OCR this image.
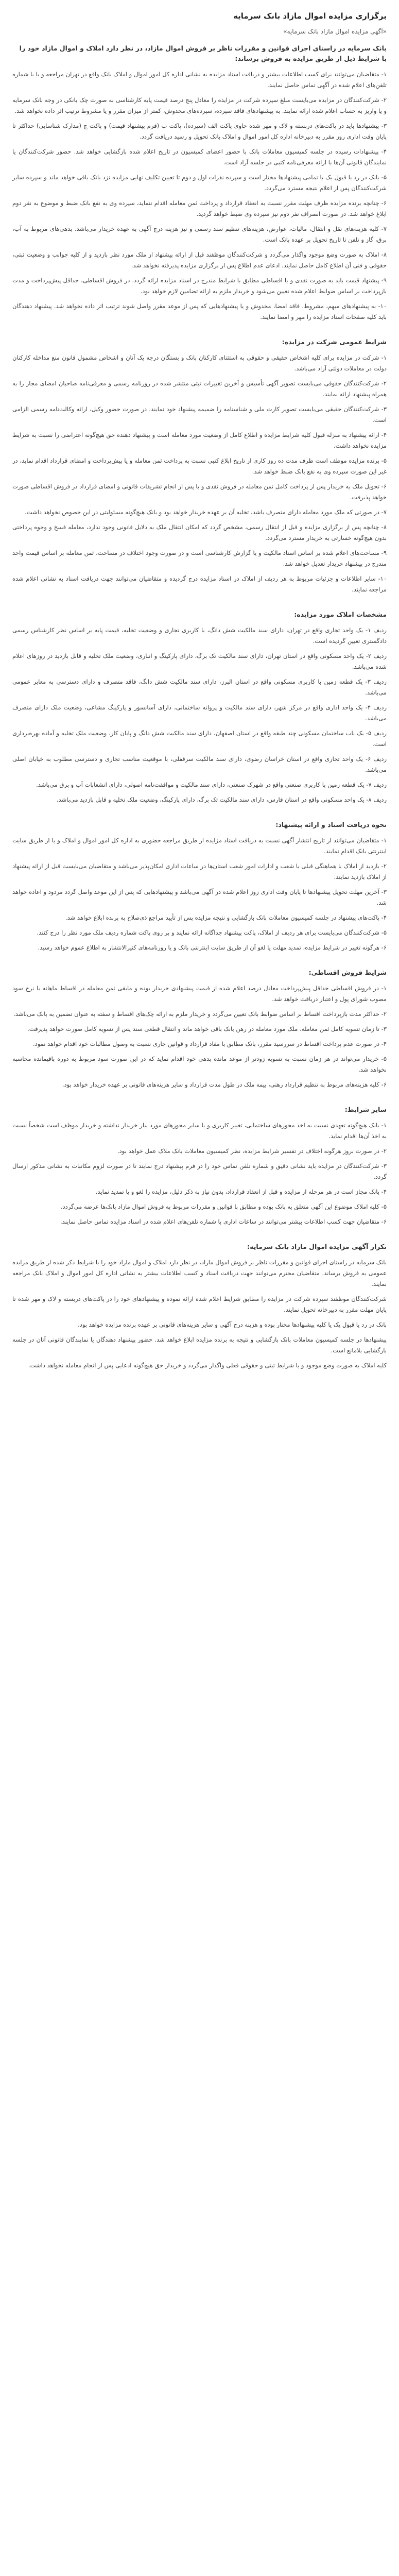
برگزاری مزایده اموال مازاد بانک سرمایه
«آگهی مزایده اموال مازاد بانک سرمایه»
بانک سرمایه در راستای اجرای قوانین و مقررات ناظر بر فروش اموال مازاد، در نظر دارد املاک و اموال مازاد خود را با شرایط ذیل از طریق مزایده به فروش برساند:

۱- متقاضیان می‌توانند برای کسب اطلاعات بیشتر و دریافت اسناد مزایده به نشانی اداره کل امور اموال و املاک بانک واقع در تهران مراجعه و یا با شماره تلفن‌های اعلام شده در آگهی تماس حاصل نمایند.

۲- شرکت‌کنندگان در مزایده می‌بایست مبلغ سپرده شرکت در مزایده را معادل پنج درصد قیمت پایه کارشناسی به صورت چک بانکی در وجه بانک سرمایه و یا واریز به حساب اعلام شده ارائه نمایند. به پیشنهادهای فاقد سپرده، سپرده‌های مخدوش، کمتر از میزان مقرر و یا مشروط ترتیب اثر داده نخواهد شد.

۳- پیشنهادها باید در پاکت‌های دربسته و لاک و مهر شده حاوی پاکت الف (سپرده)، پاکت ب (فرم پیشنهاد قیمت) و پاکت ج (مدارک شناسایی) حداکثر تا پایان وقت اداری روز مقرر به دبیرخانه اداره کل امور اموال و املاک بانک تحویل و رسید دریافت گردد.

۴- پیشنهادات رسیده در جلسه کمیسیون معاملات بانک با حضور اعضای کمیسیون در تاریخ اعلام شده بازگشایی خواهد شد. حضور شرکت‌کنندگان یا نمایندگان قانونی آن‌ها با ارائه معرفی‌نامه کتبی در جلسه آزاد است.

۵- بانک در رد یا قبول یک یا تمامی پیشنهادها مختار است و سپرده نفرات اول و دوم تا تعیین تکلیف نهایی مزایده نزد بانک باقی خواهد ماند و سپرده سایر شرکت‌کنندگان پس از اعلام نتیجه مسترد می‌گردد.

۶- چنانچه برنده مزایده ظرف مهلت مقرر نسبت به انعقاد قرارداد و پرداخت ثمن معامله اقدام ننماید، سپرده وی به نفع بانک ضبط و موضوع به نفر دوم ابلاغ خواهد شد. در صورت انصراف نفر دوم نیز سپرده وی ضبط خواهد گردید.

۷- کلیه هزینه‌های نقل و انتقال، مالیات، عوارض، هزینه‌های تنظیم سند رسمی و نیز هزینه درج آگهی به عهده خریدار می‌باشد. بدهی‌های مربوط به آب، برق، گاز و تلفن تا تاریخ تحویل بر عهده بانک است.

۸- املاک به صورت وضع موجود واگذار می‌گردد و شرکت‌کنندگان موظفند قبل از ارائه پیشنهاد از ملک مورد نظر بازدید و از کلیه جوانب و وضعیت ثبتی، حقوقی و فنی آن اطلاع کامل حاصل نمایند. ادعای عدم اطلاع پس از برگزاری مزایده پذیرفته نخواهد شد.

۹- پیشنهاد قیمت باید به صورت نقدی و یا اقساطی مطابق با شرایط مندرج در اسناد مزایده ارائه گردد. در فروش اقساطی، حداقل پیش‌پرداخت و مدت بازپرداخت بر اساس ضوابط اعلام شده تعیین می‌شود و خریدار ملزم به ارائه تضامین لازم خواهد بود.

۱۰- به پیشنهادهای مبهم، مشروط، فاقد امضا، مخدوش و یا پیشنهادهایی که پس از موعد مقرر واصل شوند ترتیب اثر داده نخواهد شد. پیشنهاد دهندگان باید کلیه صفحات اسناد مزایده را مهر و امضا نمایند.

شرایط عمومی شرکت در مزایده:

۱- شرکت در مزایده برای کلیه اشخاص حقیقی و حقوقی به استثنای کارکنان بانک و بستگان درجه یک آنان و اشخاص مشمول قانون منع مداخله کارکنان دولت در معاملات دولتی آزاد می‌باشد.

۲- شرکت‌کنندگان حقوقی می‌بایست تصویر آگهی تأسیس و آخرین تغییرات ثبتی منتشر شده در روزنامه رسمی و معرفی‌نامه صاحبان امضای مجاز را به همراه پیشنهاد ارائه نمایند.

۳- شرکت‌کنندگان حقیقی می‌بایست تصویر کارت ملی و شناسنامه را ضمیمه پیشنهاد خود نمایند. در صورت حضور وکیل، ارائه وکالت‌نامه رسمی الزامی است.

۴- ارائه پیشنهاد به منزله قبول کلیه شرایط مزایده و اطلاع کامل از وضعیت مورد معامله است و پیشنهاد دهنده حق هیچ‌گونه اعتراضی را نسبت به شرایط مزایده نخواهد داشت.

۵- برنده مزایده موظف است ظرف مدت ده روز کاری از تاریخ ابلاغ کتبی نسبت به پرداخت ثمن معامله و یا پیش‌پرداخت و امضای قرارداد اقدام نماید، در غیر این صورت سپرده وی به نفع بانک ضبط خواهد شد.

۶- تحویل ملک به خریدار پس از پرداخت کامل ثمن معامله در فروش نقدی و یا پس از انجام تشریفات قانونی و امضای قرارداد در فروش اقساطی صورت خواهد پذیرفت.

۷- در صورتی که ملک مورد معامله دارای متصرف باشد، تخلیه آن بر عهده خریدار خواهد بود و بانک هیچ‌گونه مسئولیتی در این خصوص نخواهد داشت.

۸- چنانچه پس از برگزاری مزایده و قبل از انتقال رسمی، مشخص گردد که امکان انتقال ملک به دلایل قانونی وجود ندارد، معامله فسخ و وجوه پرداختی بدون هیچ‌گونه خسارتی به خریدار مسترد می‌گردد.

۹- مساحت‌های اعلام شده بر اساس اسناد مالکیت و یا گزارش کارشناسی است و در صورت وجود اختلاف در مساحت، ثمن معامله بر اساس قیمت واحد مندرج در پیشنهاد خریدار تعدیل خواهد شد.

۱۰- سایر اطلاعات و جزئیات مربوط به هر ردیف از املاک در اسناد مزایده درج گردیده و متقاضیان می‌توانند جهت دریافت اسناد به نشانی اعلام شده مراجعه نمایند.

مشخصات املاک مورد مزایده:

ردیف ۱- یک واحد تجاری واقع در تهران، دارای سند مالکیت شش دانگ، با کاربری تجاری و وضعیت تخلیه، قیمت پایه بر اساس نظر کارشناس رسمی دادگستری تعیین گردیده است.

ردیف ۲- یک واحد مسکونی واقع در استان تهران، دارای سند مالکیت تک برگ، دارای پارکینگ و انباری، وضعیت ملک تخلیه و قابل بازدید در روزهای اعلام شده می‌باشد.

ردیف ۳- یک قطعه زمین با کاربری مسکونی واقع در استان البرز، دارای سند مالکیت شش دانگ، فاقد متصرف و دارای دسترسی به معابر عمومی می‌باشد.

ردیف ۴- یک واحد اداری واقع در مرکز شهر، دارای سند مالکیت و پروانه ساختمانی، دارای آسانسور و پارکینگ مشاعی، وضعیت ملک دارای متصرف می‌باشد.

ردیف ۵- یک باب ساختمان مسکونی چند طبقه واقع در استان اصفهان، دارای سند مالکیت شش دانگ و پایان کار، وضعیت ملک تخلیه و آماده بهره‌برداری است.

ردیف ۶- یک واحد تجاری واقع در استان خراسان رضوی، دارای سند مالکیت سرقفلی، با موقعیت مناسب تجاری و دسترسی مطلوب به خیابان اصلی می‌باشد.

ردیف ۷- یک قطعه زمین با کاربری صنعتی واقع در شهرک صنعتی، دارای سند مالکیت و موافقت‌نامه اصولی، دارای انشعابات آب و برق می‌باشد.

ردیف ۸- یک واحد مسکونی واقع در استان فارس، دارای سند مالکیت تک برگ، دارای پارکینگ، وضعیت ملک تخلیه و قابل بازدید می‌باشد.

نحوه دریافت اسناد و ارائه پیشنهاد:

۱- متقاضیان می‌توانند از تاریخ انتشار آگهی نسبت به دریافت اسناد مزایده از طریق مراجعه حضوری به اداره کل امور اموال و املاک و یا از طریق سایت اینترنتی بانک اقدام نمایند.

۲- بازدید از املاک با هماهنگی قبلی با شعب و ادارات امور شعب استان‌ها در ساعات اداری امکان‌پذیر می‌باشد و متقاضیان می‌بایست قبل از ارائه پیشنهاد از املاک بازدید نمایند.

۳- آخرین مهلت تحویل پیشنهادها تا پایان وقت اداری روز اعلام شده در آگهی می‌باشد و پیشنهادهایی که پس از این موعد واصل گردد مردود و اعاده خواهد شد.

۴- پاکت‌های پیشنهاد در جلسه کمیسیون معاملات بانک بازگشایی و نتیجه مزایده پس از تأیید مراجع ذی‌صلاح به برنده ابلاغ خواهد شد.

۵- شرکت‌کنندگان می‌بایست برای هر ردیف از املاک، پاکت پیشنهاد جداگانه ارائه نمایند و بر روی پاکت شماره ردیف ملک مورد نظر را درج کنند.

۶- هرگونه تغییر در شرایط مزایده، تمدید مهلت یا لغو آن از طریق سایت اینترنتی بانک و یا روزنامه‌های کثیرالانتشار به اطلاع عموم خواهد رسید.

شرایط فروش اقساطی:

۱- در فروش اقساطی حداقل پیش‌پرداخت معادل درصد اعلام شده از قیمت پیشنهادی خریدار بوده و مابقی ثمن معامله در اقساط ماهانه با نرخ سود مصوب شورای پول و اعتبار دریافت خواهد شد.

۲- حداکثر مدت بازپرداخت اقساط بر اساس ضوابط بانک تعیین می‌گردد و خریدار ملزم به ارائه چک‌های اقساط و سفته به عنوان تضمین به بانک می‌باشد.

۳- تا زمان تسویه کامل ثمن معامله، ملک مورد معامله در رهن بانک باقی خواهد ماند و انتقال قطعی سند پس از تسویه کامل صورت خواهد پذیرفت.

۴- در صورت عدم پرداخت اقساط در سررسید مقرر، بانک مطابق با مفاد قرارداد و قوانین جاری نسبت به وصول مطالبات خود اقدام خواهد نمود.

۵- خریدار می‌تواند در هر زمان نسبت به تسویه زودتر از موعد مانده بدهی خود اقدام نماید که در این صورت سود مربوط به دوره باقیمانده محاسبه نخواهد شد.

۶- کلیه هزینه‌های مربوط به تنظیم قرارداد رهنی، بیمه ملک در طول مدت قرارداد و سایر هزینه‌های قانونی بر عهده خریدار خواهد بود.

سایر شرایط:

۱- بانک هیچ‌گونه تعهدی نسبت به اخذ مجوزهای ساختمانی، تغییر کاربری و یا سایر مجوزهای مورد نیاز خریدار نداشته و خریدار موظف است شخصاً نسبت به اخذ آن‌ها اقدام نماید.

۲- در صورت بروز هرگونه اختلاف در تفسیر شرایط مزایده، نظر کمیسیون معاملات بانک ملاک عمل خواهد بود.

۳- شرکت‌کنندگان در مزایده باید نشانی دقیق و شماره تلفن تماس خود را در فرم پیشنهاد درج نمایند تا در صورت لزوم مکاتبات به نشانی مذکور ارسال گردد.

۴- بانک مجاز است در هر مرحله از مزایده و قبل از انعقاد قرارداد، بدون نیاز به ذکر دلیل، مزایده را لغو و یا تمدید نماید.

۵- کلیه املاک موضوع این آگهی متعلق به بانک بوده و مطابق با قوانین و مقررات مربوط به فروش اموال مازاد بانک‌ها عرضه می‌گردد.

۶- متقاضیان جهت کسب اطلاعات بیشتر می‌توانند در ساعات اداری با شماره تلفن‌های اعلام شده در اسناد مزایده تماس حاصل نمایند.

تکرار آگهی مزایده اموال مازاد بانک سرمایه:

بانک سرمایه در راستای اجرای قوانین و مقررات ناظر بر فروش اموال مازاد، در نظر دارد املاک و اموال مازاد خود را با شرایط ذکر شده از طریق مزایده عمومی به فروش برساند. متقاضیان محترم می‌توانند جهت دریافت اسناد و کسب اطلاعات بیشتر به نشانی اداره کل امور اموال و املاک بانک مراجعه نمایند.

شرکت‌کنندگان موظفند سپرده شرکت در مزایده را مطابق شرایط اعلام شده ارائه نموده و پیشنهادهای خود را در پاکت‌های دربسته و لاک و مهر شده تا پایان مهلت مقرر به دبیرخانه تحویل نمایند.

بانک در رد یا قبول یک یا کلیه پیشنهادها مختار بوده و هزینه درج آگهی و سایر هزینه‌های قانونی بر عهده برنده مزایده خواهد بود.

پیشنهادها در جلسه کمیسیون معاملات بانک بازگشایی و نتیجه به برنده مزایده ابلاغ خواهد شد. حضور پیشنهاد دهندگان یا نمایندگان قانونی آنان در جلسه بازگشایی بلامانع است.

کلیه املاک به صورت وضع موجود و با شرایط ثبتی و حقوقی فعلی واگذار می‌گردد و خریدار حق هیچ‌گونه ادعایی پس از انجام معامله نخواهد داشت.
